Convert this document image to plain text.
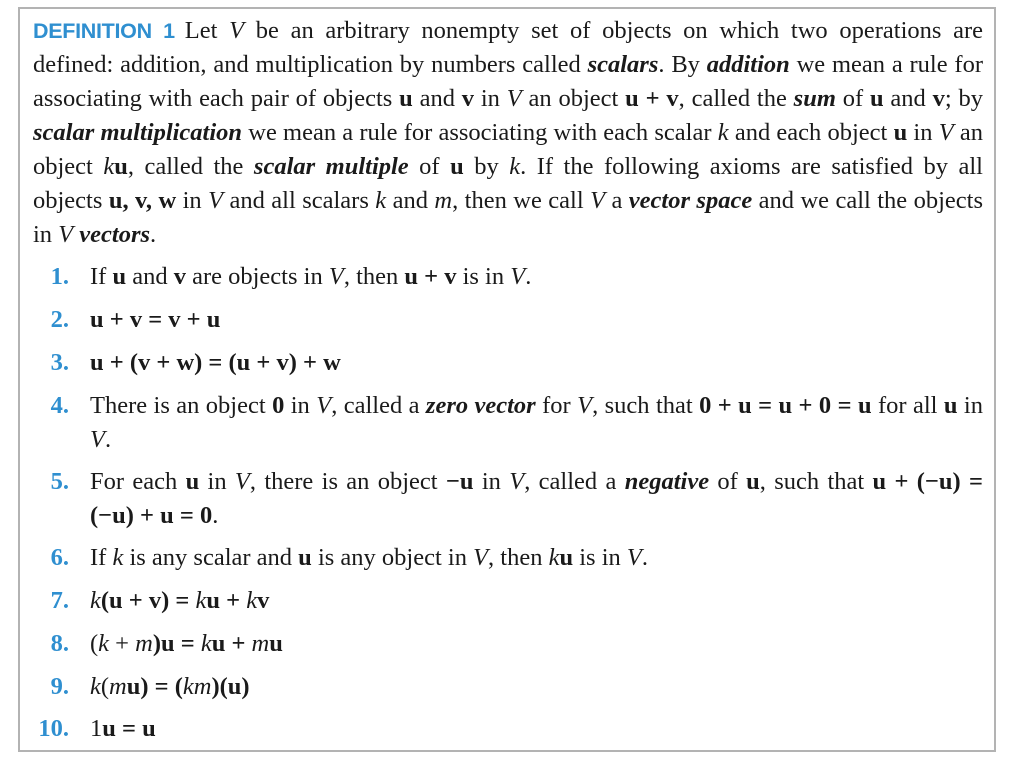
DEFINITION 1 Let V be an arbitrary nonempty set of objects on which two operations are defined: addition, and multiplication by numbers called scalars. By addition we mean a rule for associating with each pair of objects u and v in V an object u + v, called the sum of u and v; by scalar multiplication we mean a rule for associating with each scalar k and each object u in V an object ku, called the scalar multiple of u by k. If the following axioms are satisfied by all objects u, v, w in V and all scalars k and m, then we call V a vector space and we call the objects in V vectors.

1. If u and v are objects in V, then u + v is in V.
2. u + v = v + u
3. u + (v + w) = (u + v) + w
4. There is an object 0 in V, called a zero vector for V, such that 0 + u = u + 0 = u for all u in V.
5. For each u in V, there is an object −u in V, called a negative of u, such that u + (−u) = (−u) + u = 0.
6. If k is any scalar and u is any object in V, then ku is in V.
7. k(u + v) = ku + kv
8. (k + m)u = ku + mu
9. k(mu) = (km)(u)
10. 1u = u
